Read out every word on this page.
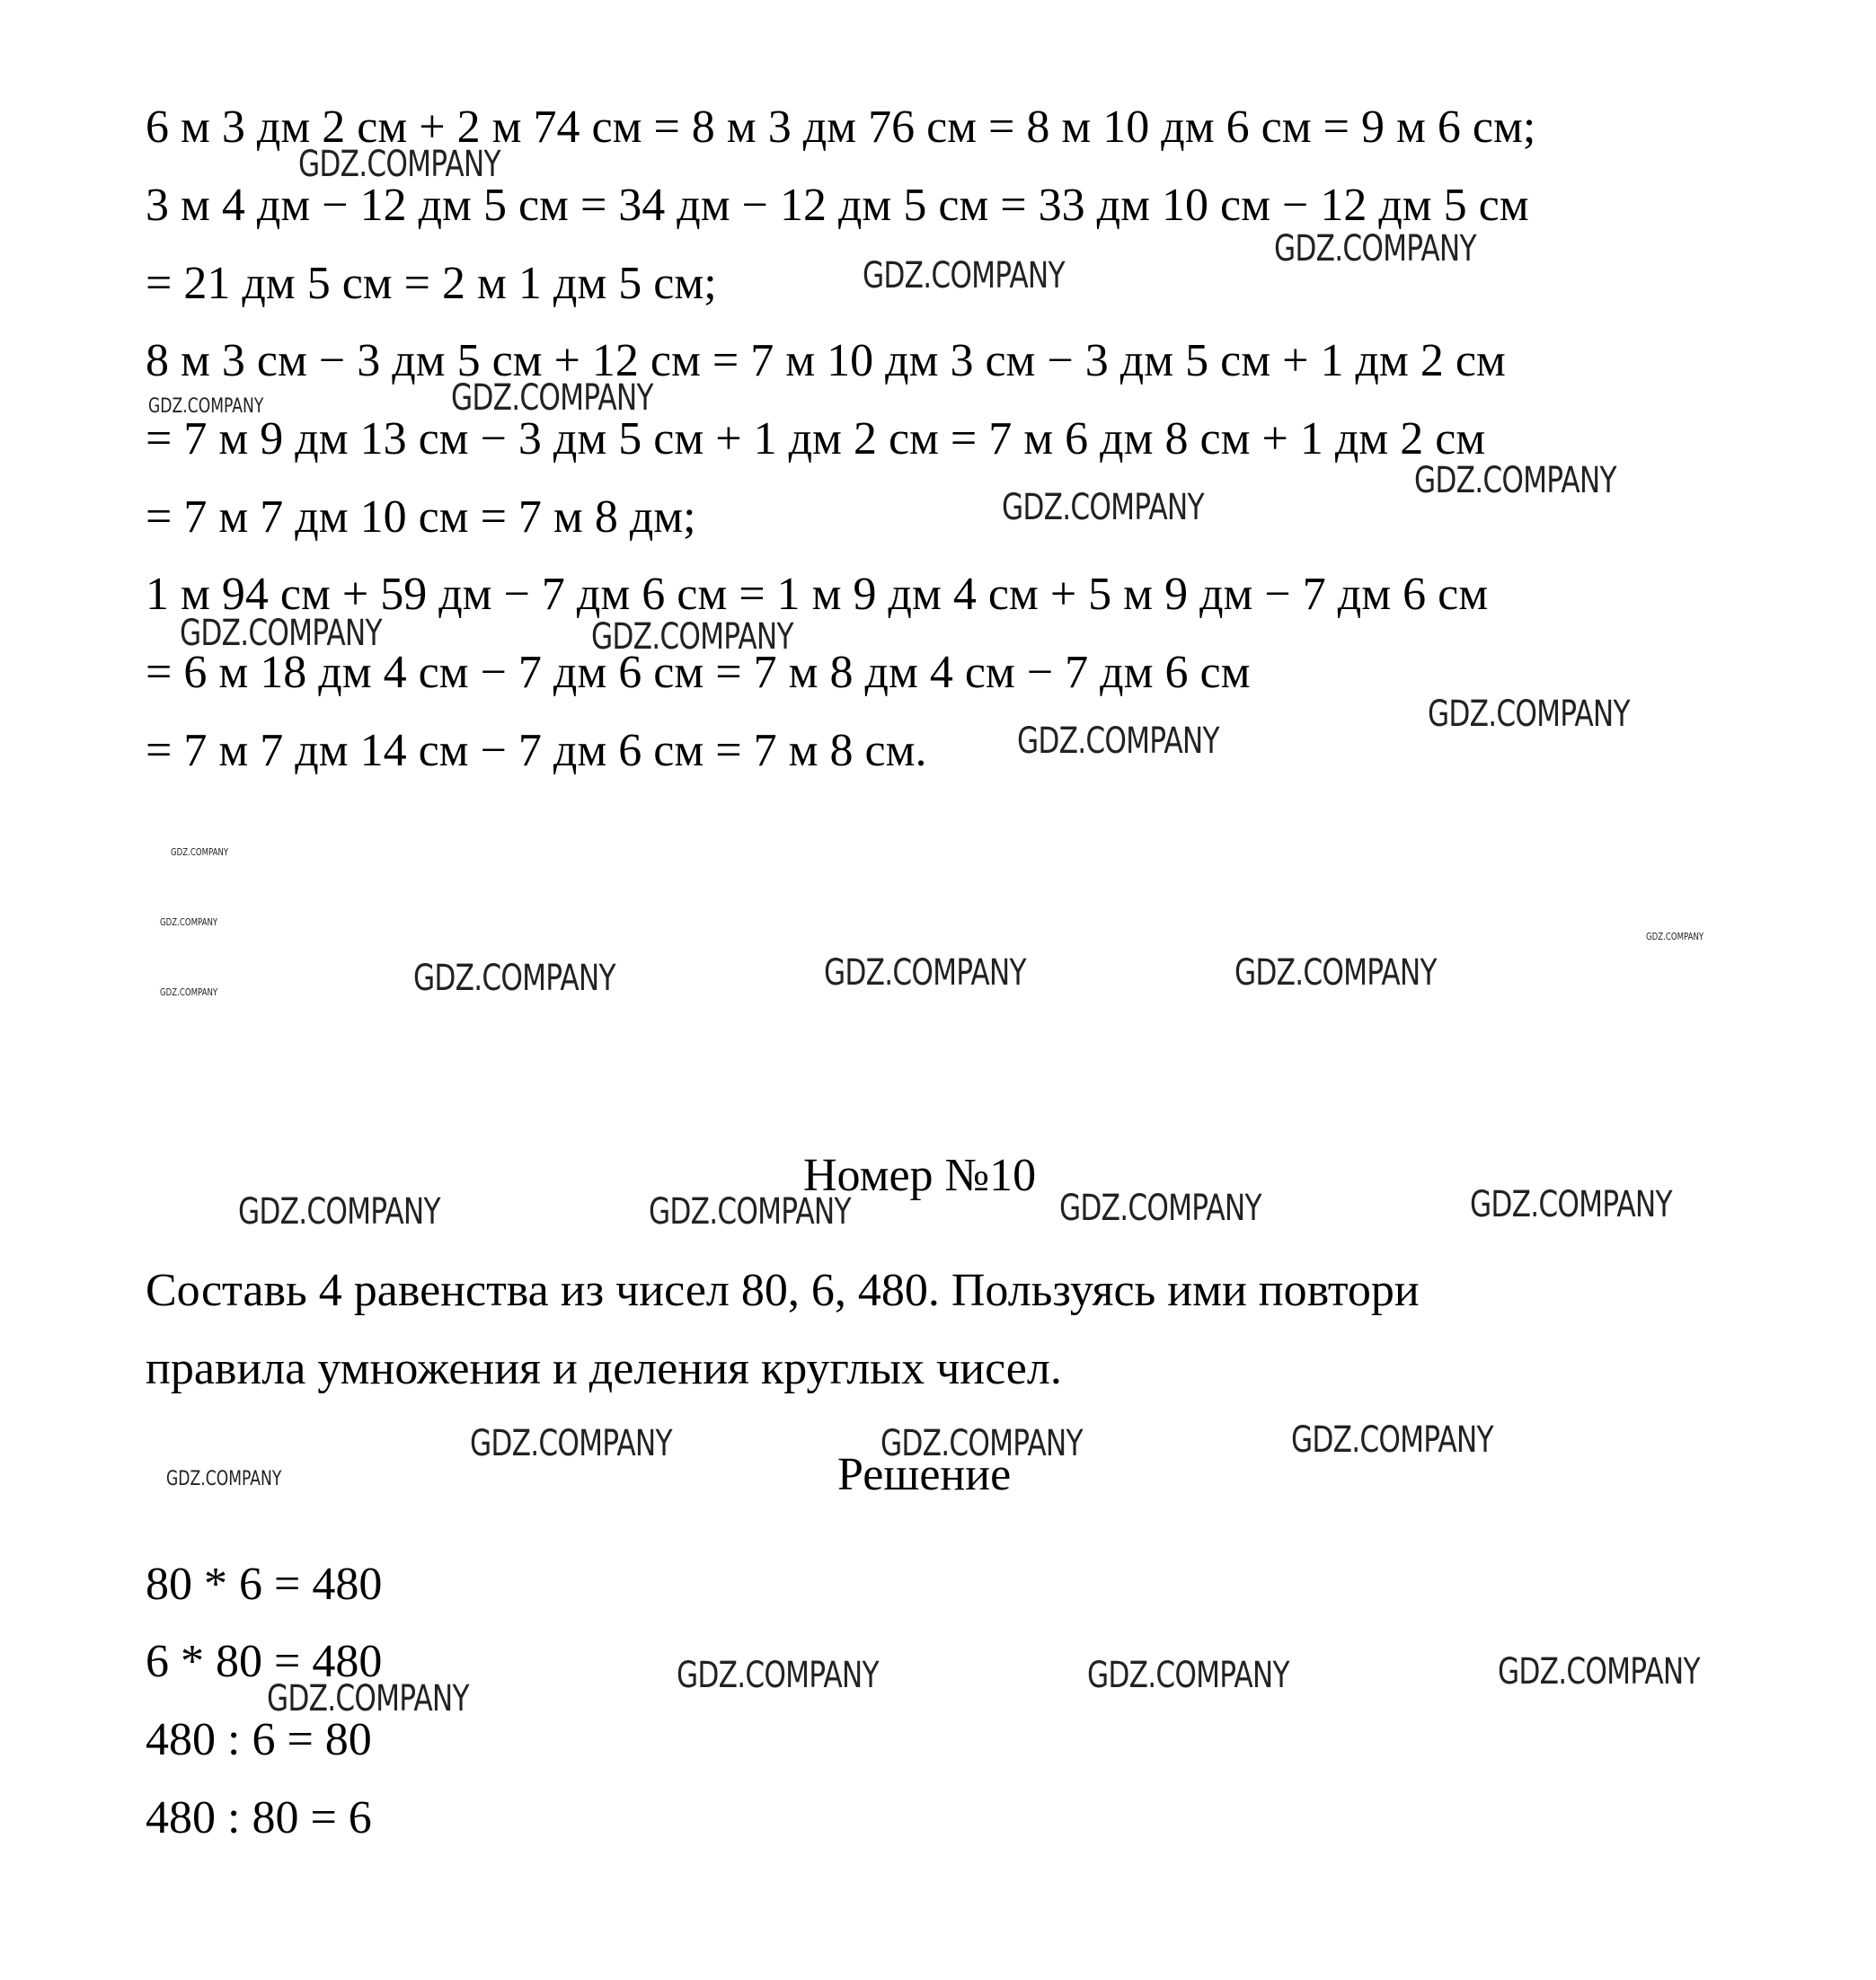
6 м 3 дм 2 см + 2 м 74 см = 8 м 3 дм 76 см = 8 м 10 дм 6 см = 9 м 6 см;
3 м 4 дм − 12 дм 5 см = 34 дм − 12 дм 5 см = 33 дм 10 см − 12 дм 5 см
= 21 дм 5 см = 2 м 1 дм 5 см;
8 м 3 см − 3 дм 5 см + 12 см = 7 м 10 дм 3 см − 3 дм 5 см + 1 дм 2 см
= 7 м 9 дм 13 см − 3 дм 5 см + 1 дм 2 см = 7 м 6 дм 8 см + 1 дм 2 см
= 7 м 7 дм 10 см = 7 м 8 дм;
1 м 94 см + 59 дм − 7 дм 6 см = 1 м 9 дм 4 см + 5 м 9 дм − 7 дм 6 см
= 6 м 18 дм 4 см − 7 дм 6 см = 7 м 8 дм 4 см − 7 дм 6 см
= 7 м 7 дм 14 см − 7 дм 6 см = 7 м 8 см.
Номер №10
Составь 4 равенства из чисел 80, 6, 480. Пользуясь ими повтори
правила умножения и деления круглых чисел.
Решение
80 * 6 = 480
6 * 80 = 480
480 : 6 = 80
480 : 80 = 6
GDZ.COMPANY
GDZ.COMPANY
GDZ.COMPANY
GDZ.COMPANY	GDZ.COMPANY
GDZ.COMPANY
GDZ.COMPANY
GDZ.COMPANY	GDZ.COMPANY
GDZ.COMPANY
GDZ.COMPANY
GDZ.COMPANY
GDZ.COMPANY
GDZ.COMPANY
GDZ.COMPANY
GDZ.COMPANY	GDZ.COMPANY	GDZ.COMPANY
GDZ.COMPANY	GDZ.COMPANY	GDZ.COMPANY	GDZ.COMPANY
GDZ.COMPANY
GDZ.COMPANY	GDZ.COMPANY	GDZ.COMPANY
GDZ.COMPANY
GDZ.COMPANY	GDZ.COMPANY	GDZ.COMPANY
